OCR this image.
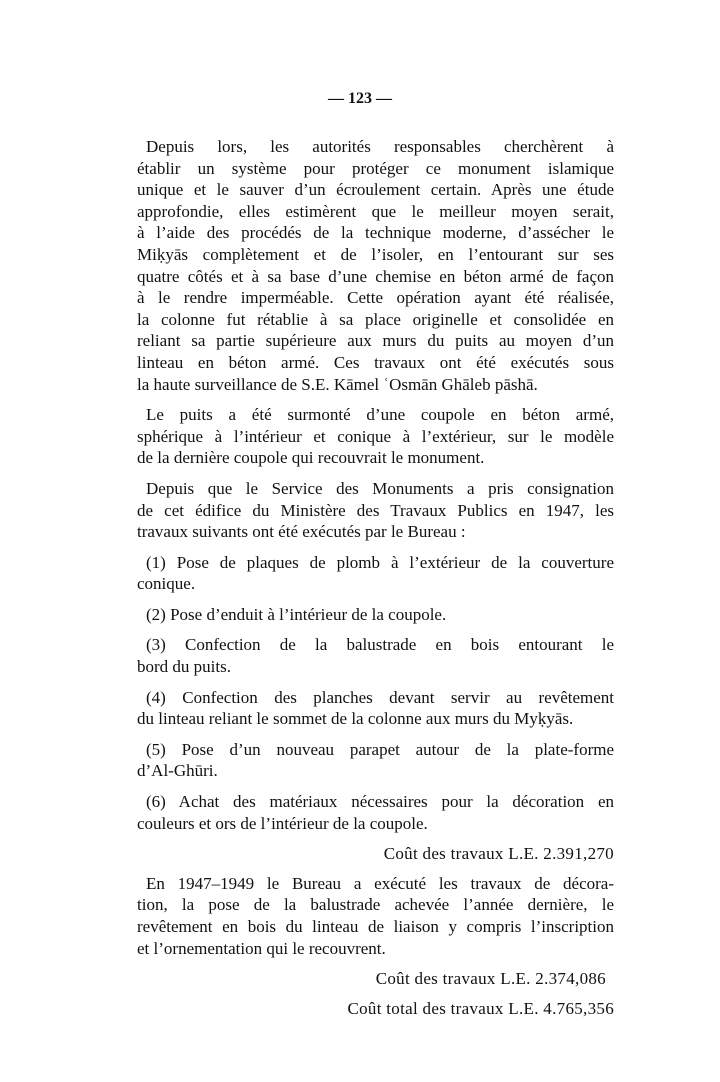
— 123 —
Depuis lors, les autorités responsables cherchèrent à
établir un système pour protéger ce monument islamique
unique et le sauver d’un écroulement certain. Après une étude
approfondie, elles estimèrent que le meilleur moyen serait,
à l’aide des procédés de la technique moderne, d’assécher le
Miḳyās complètement et de l’isoler, en l’entourant sur ses
quatre côtés et à sa base d’une chemise en béton armé de façon
à le rendre imperméable. Cette opération ayant été réalisée,
la colonne fut rétablie à sa place originelle et consolidée en
reliant sa partie supérieure aux murs du puits au moyen d’un
linteau en béton armé. Ces travaux ont été exécutés sous
la haute surveillance de S.E. Kāmel ʿOsmān Ghāleb pāshā.
Le puits a été surmonté d’une coupole en béton armé,
sphérique à l’intérieur et conique à l’extérieur, sur le modèle
de la dernière coupole qui recouvrait le monument.
Depuis que le Service des Monuments a pris consignation
de cet édifice du Ministère des Travaux Publics en 1947, les
travaux suivants ont été exécutés par le Bureau :
(1) Pose de plaques de plomb à l’extérieur de la couverture
conique.
(2) Pose d’enduit à l’intérieur de la coupole.
(3) Confection de la balustrade en bois entourant le
bord du puits.
(4) Confection des planches devant servir au revêtement
du linteau reliant le sommet de la colonne aux murs du Myḳyās.
(5) Pose d’un nouveau parapet autour de la plate-forme
d’Al-Ghūri.
(6) Achat des matériaux nécessaires pour la décoration en
couleurs et ors de l’intérieur de la coupole.
Coût des travaux L.E. 2.391,270
En 1947–1949 le Bureau a exécuté les travaux de décora-
tion, la pose de la balustrade achevée l’année dernière, le
revêtement en bois du linteau de liaison y compris l’inscription
et l’ornementation qui le recouvrent.
Coût des travaux L.E. 2.374,086
Coût total des travaux L.E. 4.765,356
